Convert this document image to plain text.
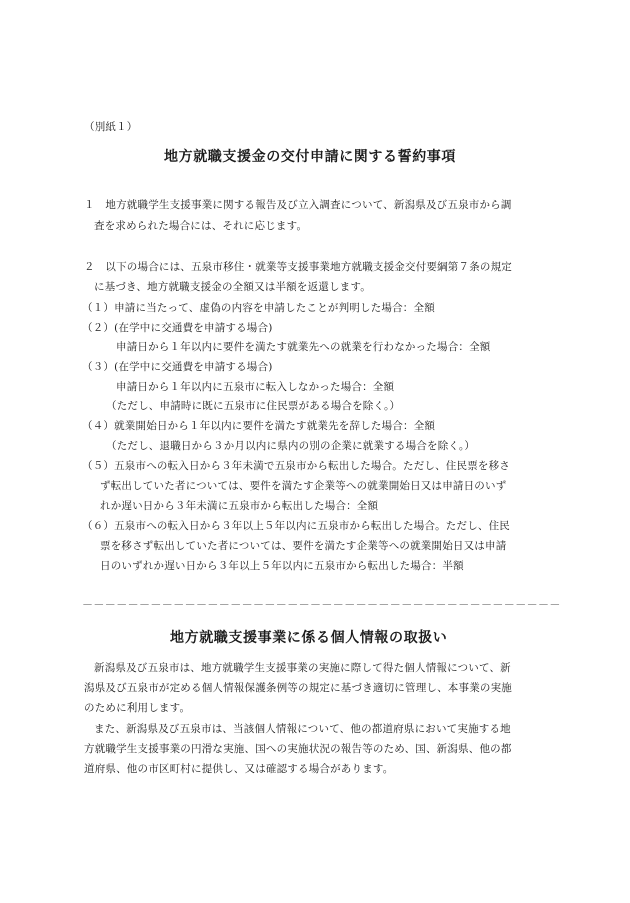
（別紙１）
地方就職支援金の交付申請に関する誓約事項
１　地方就職学生支援事業に関する報告及び立入調査について、新潟県及び五泉市から調
査を求められた場合には、それに応じます。
２　以下の場合には、五泉市移住・就業等支援事業地方就職支援金交付要綱第７条の規定
に基づき、地方就職支援金の全額又は半額を返還します。
（１）申請に当たって、虚偽の内容を申請したことが判明した場合：全額
（２）(在学中に交通費を申請する場合)
申請日から１年以内に要件を満たす就業先への就業を行わなかった場合：全額
（３）(在学中に交通費を申請する場合)
申請日から１年以内に五泉市に転入しなかった場合：全額
（ただし、申請時に既に五泉市に住民票がある場合を除く。）
（４）就業開始日から１年以内に要件を満たす就業先を辞した場合：全額
（ただし、退職日から３か月以内に県内の別の企業に就業する場合を除く。）
（５）五泉市への転入日から３年未満で五泉市から転出した場合。ただし、住民票を移さ
ず転出していた者については、要件を満たす企業等への就業開始日又は申請日のいず
れか遅い日から３年未満に五泉市から転出した場合：全額
（６）五泉市への転入日から３年以上５年以内に五泉市から転出した場合。ただし、住民
票を移さず転出していた者については、要件を満たす企業等への就業開始日又は申請
日のいずれか遅い日から３年以上５年以内に五泉市から転出した場合：半額
－－－－－－－－－－－－－－－－－－－－－－－－－－－－－－－－－－－－－－－－－－
地方就職支援事業に係る個人情報の取扱い
新潟県及び五泉市は、地方就職学生支援事業の実施に際して得た個人情報について、新
潟県及び五泉市が定める個人情報保護条例等の規定に基づき適切に管理し、本事業の実施
のために利用します。
また、新潟県及び五泉市は、当該個人情報について、他の都道府県において実施する地
方就職学生支援事業の円滑な実施、国への実施状況の報告等のため、国、新潟県、他の都
道府県、他の市区町村に提供し、又は確認する場合があります。
